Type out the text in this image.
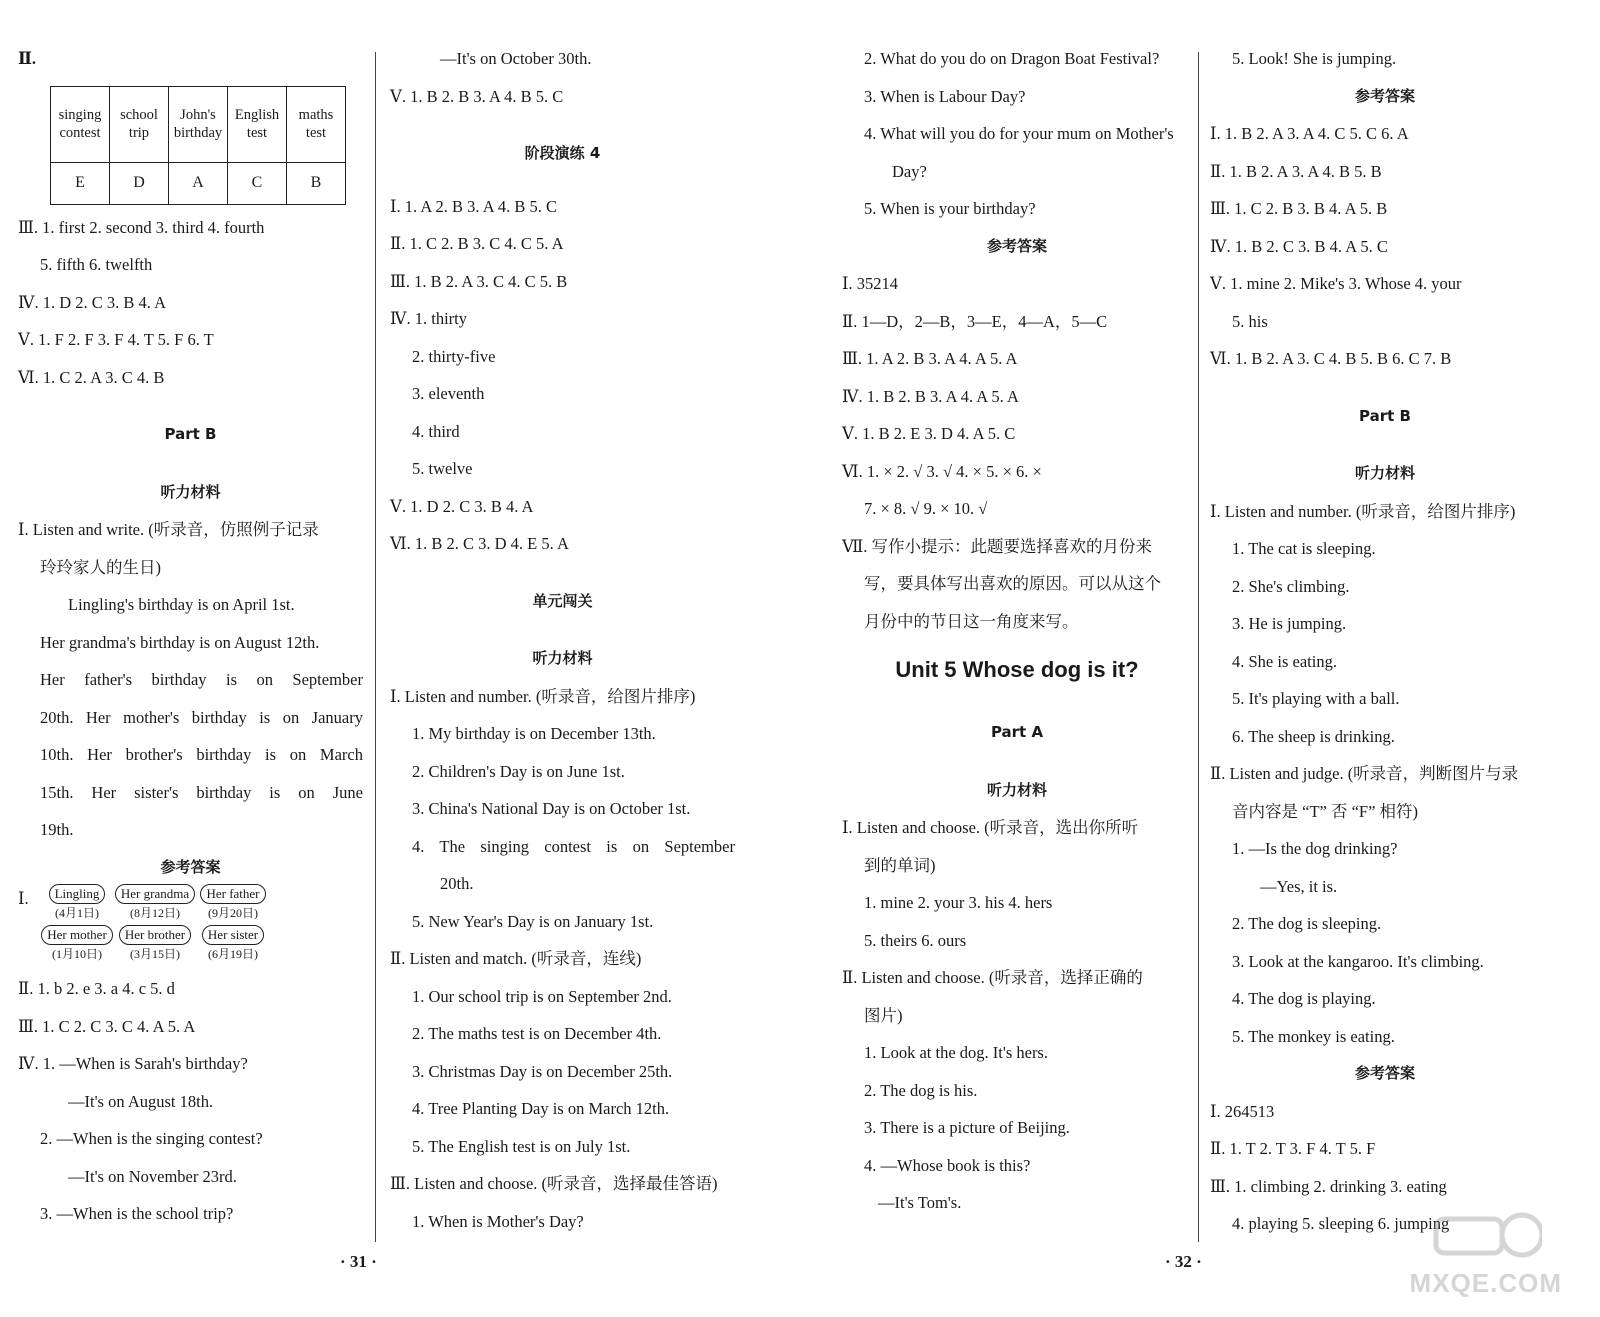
Ⅱ.
singing contest	school trip	John's birthday	English test	maths test
E	D	A	C	B
Ⅲ. 1. first 2. second 3. third 4. fourth
5. fifth 6. twelfth
Ⅳ. 1. D 2. C 3. B 4. A
Ⅴ. 1. F 2. F 3. F 4. T 5. F 6. T
Ⅵ. 1. C 2. A 3. C 4. B
Part B
听力材料
Ⅰ. Listen and write. (听录音，仿照例子记录
玲玲家人的生日)
Lingling's birthday is on April 1st.
Her grandma's birthday is on August 12th.
Her father's birthday is on September
20th. Her mother's birthday is on January
10th. Her brother's birthday is on March
15th. Her sister's birthday is on June
19th.
参考答案
Ⅰ.	Lingling
(4月1日)
Her grandma
(8月12日)
Her father
(9月20日)
Her mother
(1月10日)
Her brother
(3月15日)
Her sister
(6月19日)
Ⅱ. 1. b 2. e 3. a 4. c 5. d
Ⅲ. 1. C 2. C 3. C 4. A 5. A
Ⅳ. 1. —When is Sarah's birthday?
—It's on August 18th.
2. —When is the singing contest?
—It's on November 23rd.
3. —When is the school trip?
—It's on October 30th.
Ⅴ. 1. B 2. B 3. A 4. B 5. C
阶段演练 4
Ⅰ. 1. A 2. B 3. A 4. B 5. C
Ⅱ. 1. C 2. B 3. C 4. C 5. A
Ⅲ. 1. B 2. A 3. C 4. C 5. B
Ⅳ. 1. thirty
2. thirty-five
3. eleventh
4. third
5. twelve
Ⅴ. 1. D 2. C 3. B 4. A
Ⅵ. 1. B 2. C 3. D 4. E 5. A
单元闯关
听力材料
Ⅰ. Listen and number. (听录音，给图片排序)
1. My birthday is on December 13th.
2. Children's Day is on June 1st.
3. China's National Day is on October 1st.
4. The singing contest is on September
20th.
5. New Year's Day is on January 1st.
Ⅱ. Listen and match. (听录音，连线)
1. Our school trip is on September 2nd.
2. The maths test is on December 4th.
3. Christmas Day is on December 25th.
4. Tree Planting Day is on March 12th.
5. The English test is on July 1st.
Ⅲ. Listen and choose. (听录音，选择最佳答语)
1. When is Mother's Day?
· 31 ·
2. What do you do on Dragon Boat Festival?
3. When is Labour Day?
4. What will you do for your mum on Mother's
Day?
5. When is your birthday?
参考答案
Ⅰ. 35214
Ⅱ. 1—D，2—B，3—E，4—A，5—C
Ⅲ. 1. A 2. B 3. A 4. A 5. A
Ⅳ. 1. B 2. B 3. A 4. A 5. A
Ⅴ. 1. B 2. E 3. D 4. A 5. C
Ⅵ. 1. × 2. √ 3. √ 4. × 5. × 6. ×
7. × 8. √ 9. × 10. √
Ⅶ. 写作小提示：此题要选择喜欢的月份来
写，要具体写出喜欢的原因。可以从这个
月份中的节日这一角度来写。
Unit 5 Whose dog is it?
Part A
听力材料
Ⅰ. Listen and choose. (听录音，选出你所听
到的单词)
1. mine 2. your 3. his 4. hers
5. theirs 6. ours
Ⅱ. Listen and choose. (听录音，选择正确的
图片)
1. Look at the dog. It's hers.
2. The dog is his.
3. There is a picture of Beijing.
4. —Whose book is this?
—It's Tom's.
5. Look! She is jumping.
参考答案
Ⅰ. 1. B 2. A 3. A 4. C 5. C 6. A
Ⅱ. 1. B 2. A 3. A 4. B 5. B
Ⅲ. 1. C 2. B 3. B 4. A 5. B
Ⅳ. 1. B 2. C 3. B 4. A 5. C
Ⅴ. 1. mine 2. Mike's 3. Whose 4. your
5. his
Ⅵ. 1. B 2. A 3. C 4. B 5. B 6. C 7. B
Part B
听力材料
Ⅰ. Listen and number. (听录音，给图片排序)
1. The cat is sleeping.
2. She's climbing.
3. He is jumping.
4. She is eating.
5. It's playing with a ball.
6. The sheep is drinking.
Ⅱ. Listen and judge. (听录音，判断图片与录
音内容是 “T” 否 “F” 相符)
1. —Is the dog drinking?
—Yes, it is.
2. The dog is sleeping.
3. Look at the kangaroo. It's climbing.
4. The dog is playing.
5. The monkey is eating.
参考答案
Ⅰ. 264513
Ⅱ. 1. T 2. T 3. F 4. T 5. F
Ⅲ. 1. climbing 2. drinking 3. eating
4. playing 5. sleeping 6. jumping
· 32 ·
MXQE.COM
